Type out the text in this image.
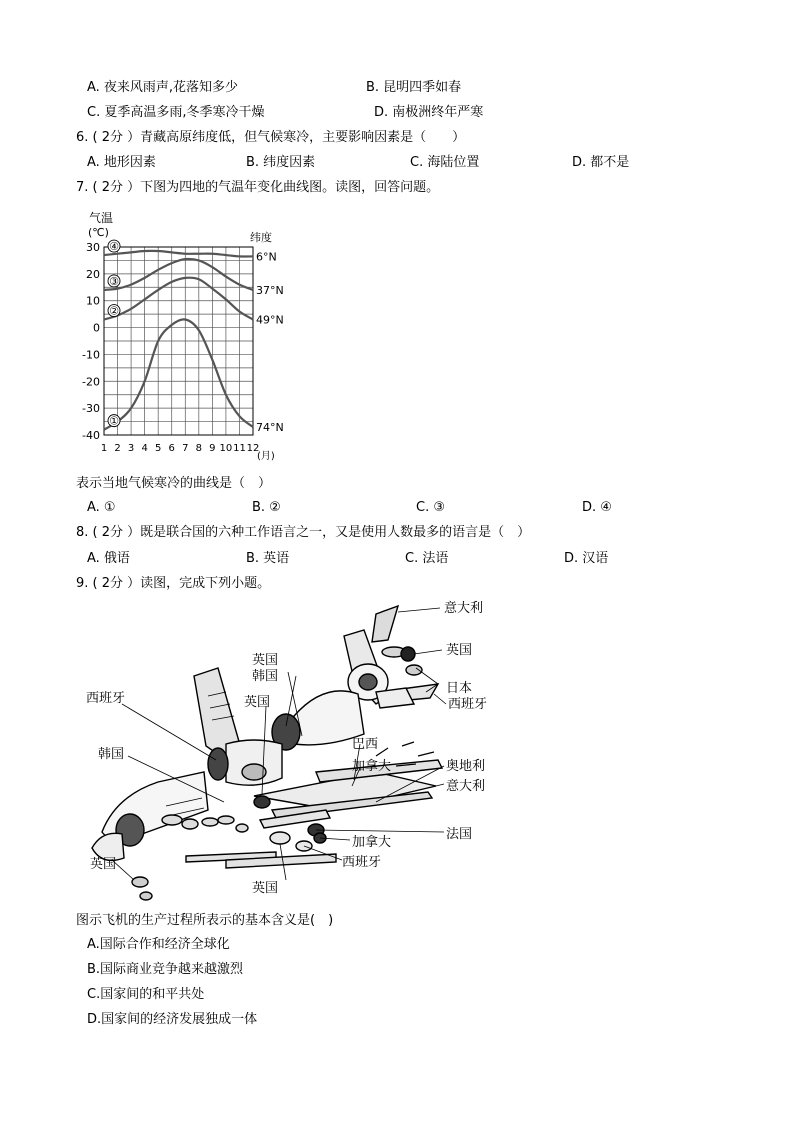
A. 夜来风雨声,花落知多少	B. 昆明四季如春
C. 夏季高温多雨,冬季寒冷干燥	D. 南极洲终年严寒
6. ( 2分 ）青藏高原纬度低，但气候寒冷，主要影响因素是（　　）
A. 地形因素	B. 纬度因素	C. 海陆位置	D. 都不是
7. ( 2分 ）下图为四地的气温年变化曲线图。读图，回答问题。
气温
(℃)	纬度
(月)
30
20
10
0
-10
-20
-30
-40
1 2 3 4 5 6 7 8 9 10 11 12
④
6°N
③
37°N
②
49°N
①	74°N
表示当地气候寒冷的曲线是（　）
A. ①	B. ②	C. ③	D. ④
8. ( 2分 ）既是联合国的六种工作语言之一，又是使用人数最多的语言是（　）
A. 俄语	B. 英语	C. 法语	D. 汉语
9. ( 2分 ）读图，完成下列小题。
意大利
英国
日本
西班牙
英国
韩国
西班牙	英国
巴西
加拿大
韩国
奥地利
意大利
法国
加拿大
西班牙
英国
英国
图示飞机的生产过程所表示的基本含义是(　)
A.国际合作和经济全球化
B.国际商业竞争越来越激烈
C.国家间的和平共处
D.国家间的经济发展独成一体
